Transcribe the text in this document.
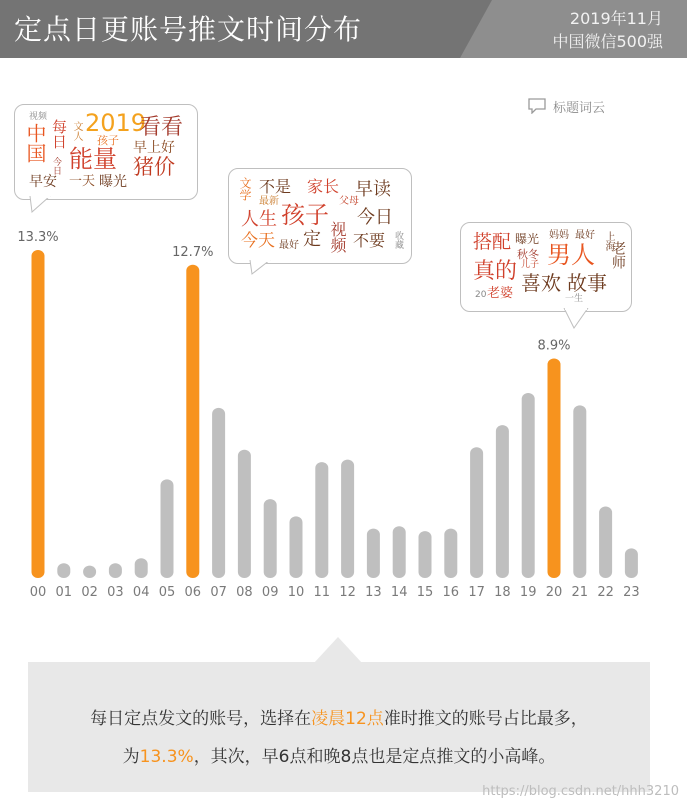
定点日更账号推文时间分布	2019年11月
中国微信500强
标题词云
视频
中国 每日 文人 2019
看看
孩子 早上好
能量 猪价
今日
早安 一天 曝光	文学 不是 家长 早读
最新	父母
人生 孩子 今日
今天 最好 定 视频 不要 收藏	搭配 曝光 妈妈 最好 上海
秋冬 男人 老师
儿子
真的 喜欢 故事
20 老婆	一生
00
13.3%
01 02 03 04 05 06
12.7%
07 08 09 10 11 12 13 14 15 16 17 18 19 20
8.9%
21 22 23
每日定点发文的账号，选择在凌晨12点准时推文的账号占比最多，
为13.3%，其次，早6点和晚8点也是定点推文的小高峰。
https://blog.csdn.net/hhh3210
